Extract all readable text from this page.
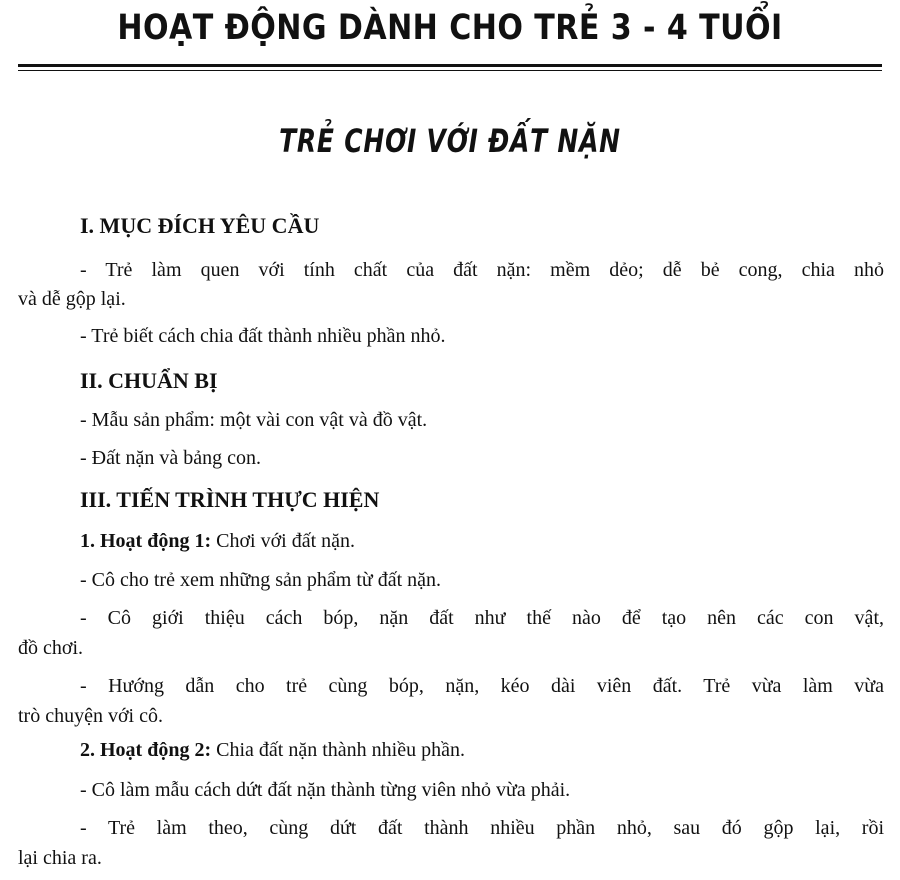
HOẠT ĐỘNG DÀNH CHO TRẺ 3 - 4 TUỔI
TRẺ CHƠI VỚI ĐẤT NẶN
I. MỤC ĐÍCH YÊU CẦU
- Trẻ làm quen với tính chất của đất nặn: mềm dẻo; dễ bẻ cong, chia nhỏ
và dễ gộp lại.
- Trẻ biết cách chia đất thành nhiều phần nhỏ.
II. CHUẨN BỊ
- Mẫu sản phẩm: một vài con vật và đồ vật.
- Đất nặn và bảng con.
III. TIẾN TRÌNH THỰC HIỆN
1. Hoạt động 1: Chơi với đất nặn.
- Cô cho trẻ xem những sản phẩm từ đất nặn.
- Cô giới thiệu cách bóp, nặn đất như thế nào để tạo nên các con vật,
đồ chơi.
- Hướng dẫn cho trẻ cùng bóp, nặn, kéo dài viên đất. Trẻ vừa làm vừa
trò chuyện với cô.
2. Hoạt động 2: Chia đất nặn thành nhiều phần.
- Cô làm mẫu cách dứt đất nặn thành từng viên nhỏ vừa phải.
- Trẻ làm theo, cùng dứt đất thành nhiều phần nhỏ, sau đó gộp lại, rồi
lại chia ra.
